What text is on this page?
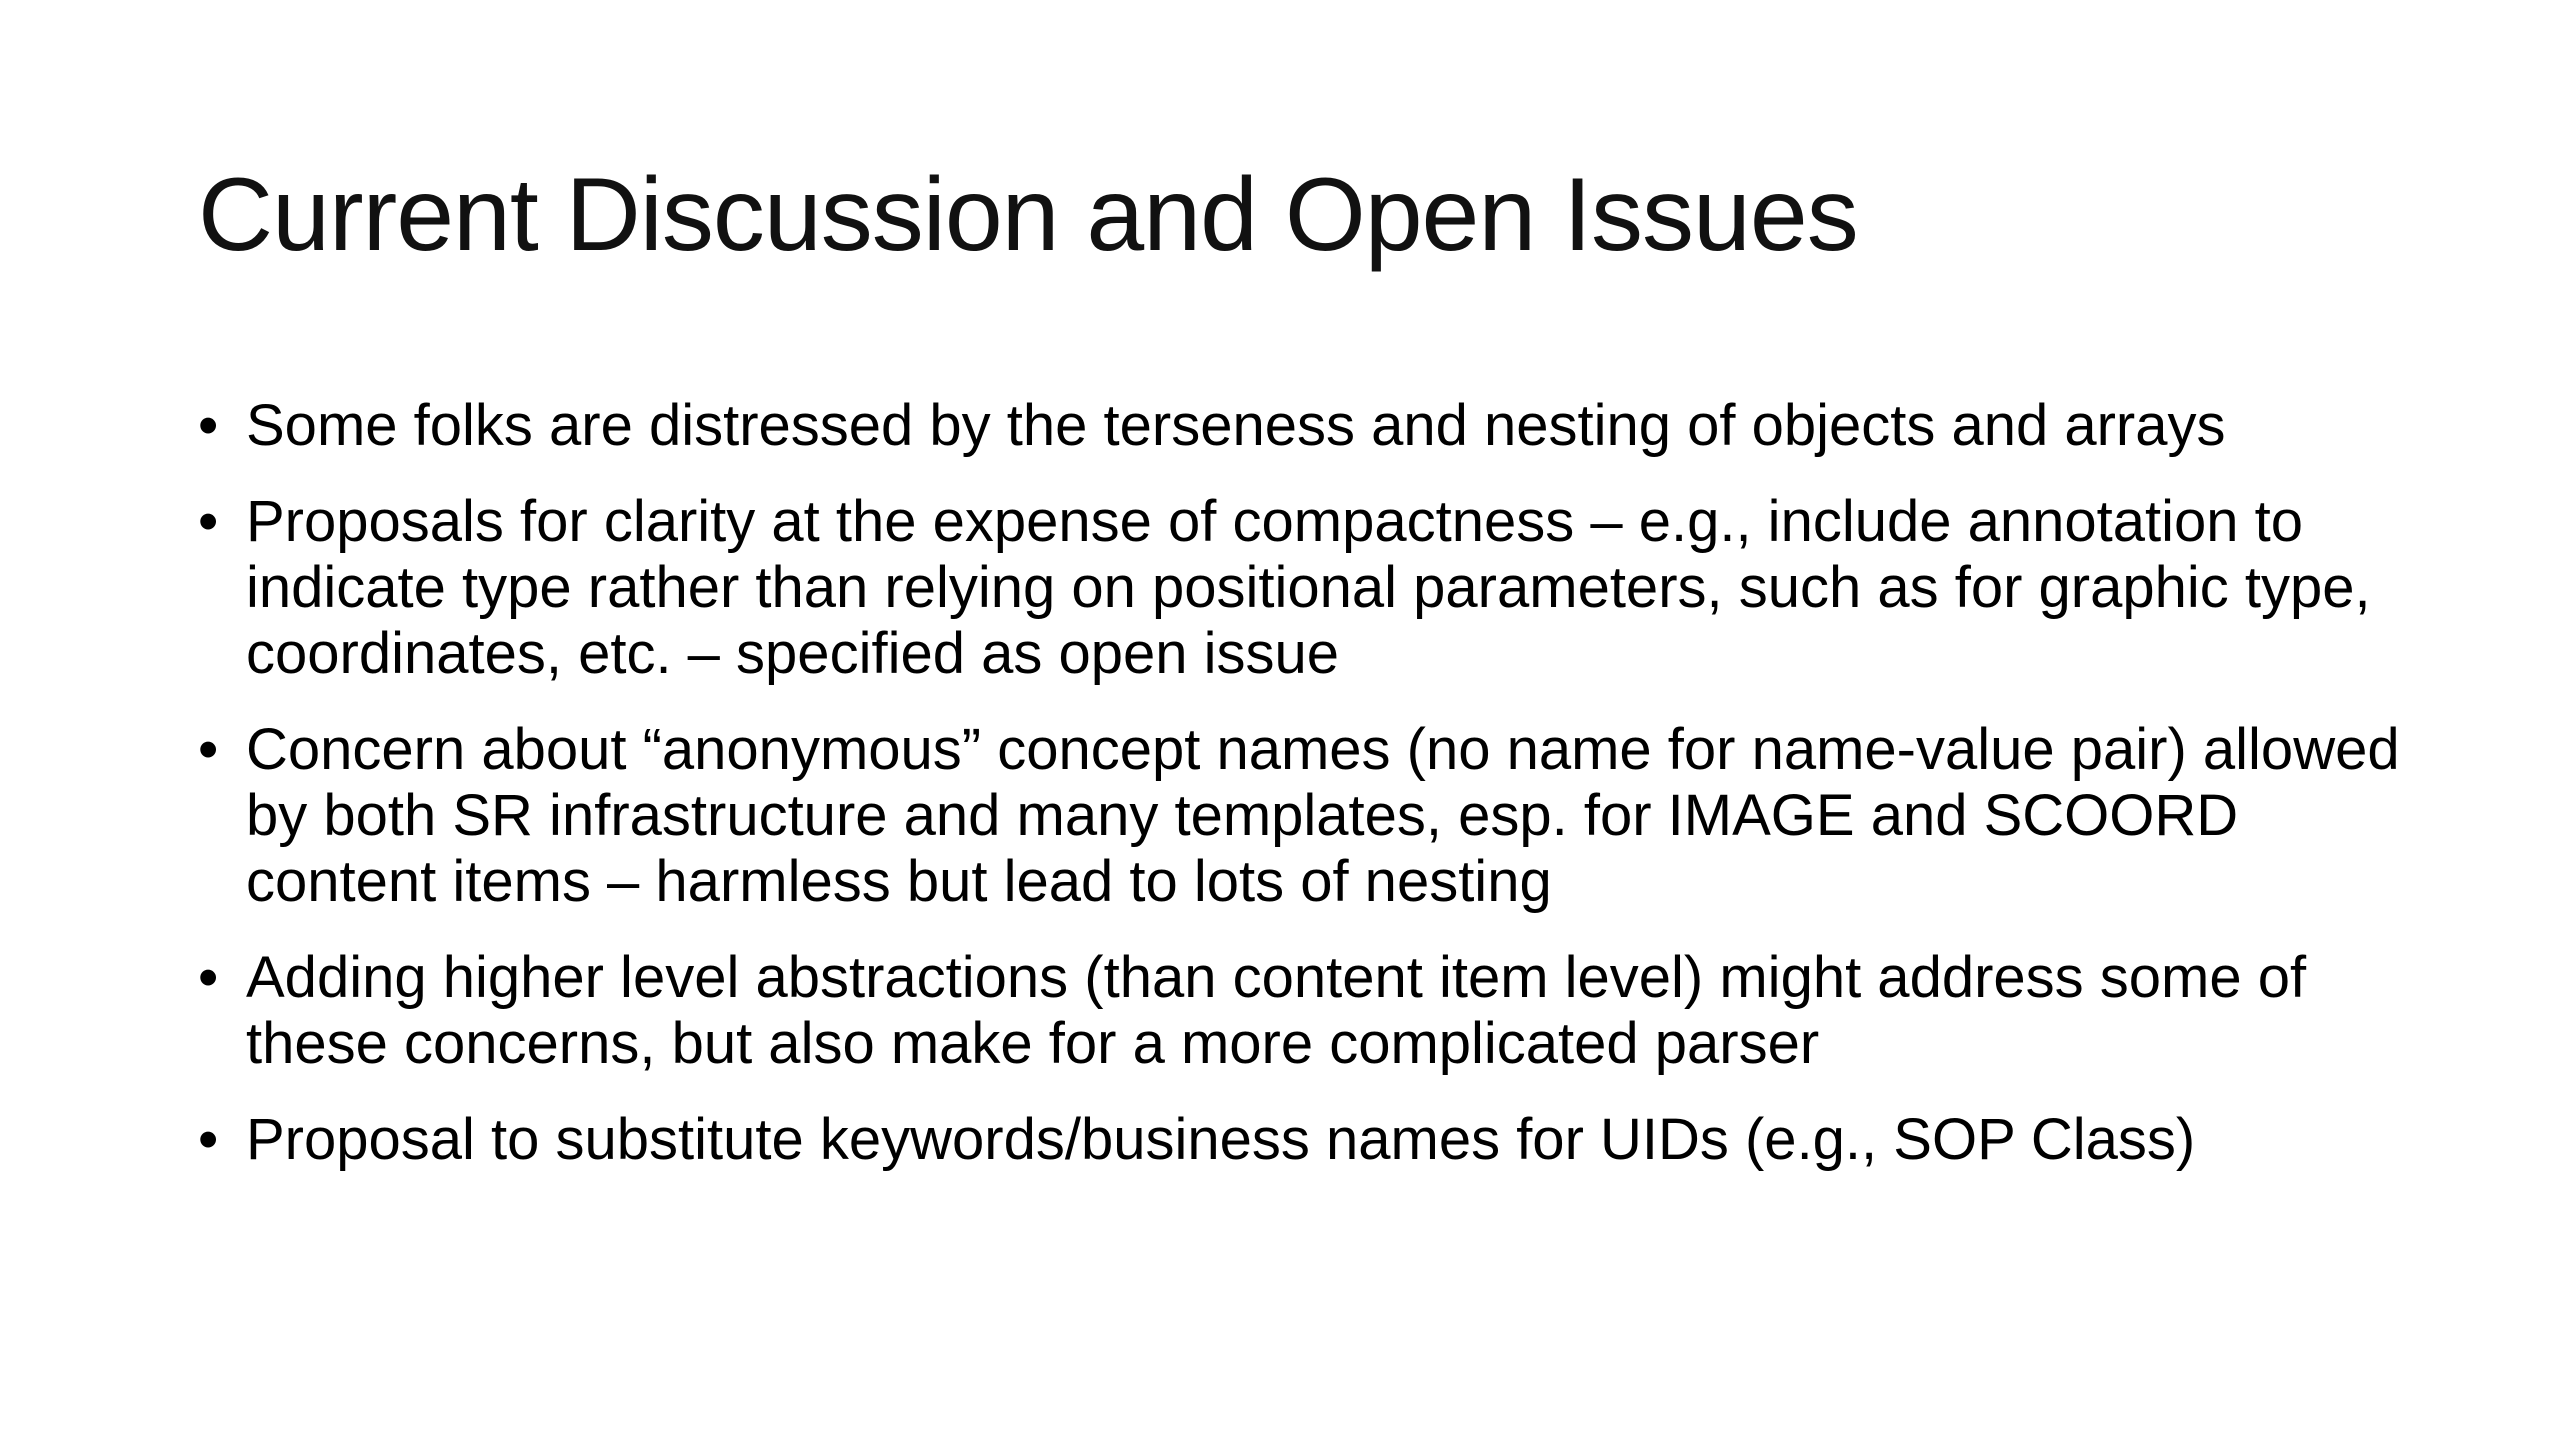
Current Discussion and Open Issues
• Some folks are distressed by the terseness and nesting of objects and arrays
• Proposals for clarity at the expense of compactness – e.g., include annotation to indicate type rather than relying on positional parameters, such as for graphic type, coordinates, etc. – specified as open issue
• Concern about “anonymous” concept names (no name for name-value pair) allowed by both SR infrastructure and many templates, esp. for IMAGE and SCOORD content items – harmless but lead to lots of nesting
• Adding higher level abstractions (than content item level) might address some of these concerns, but also make for a more complicated parser
• Proposal to substitute keywords/business names for UIDs (e.g., SOP Class)
